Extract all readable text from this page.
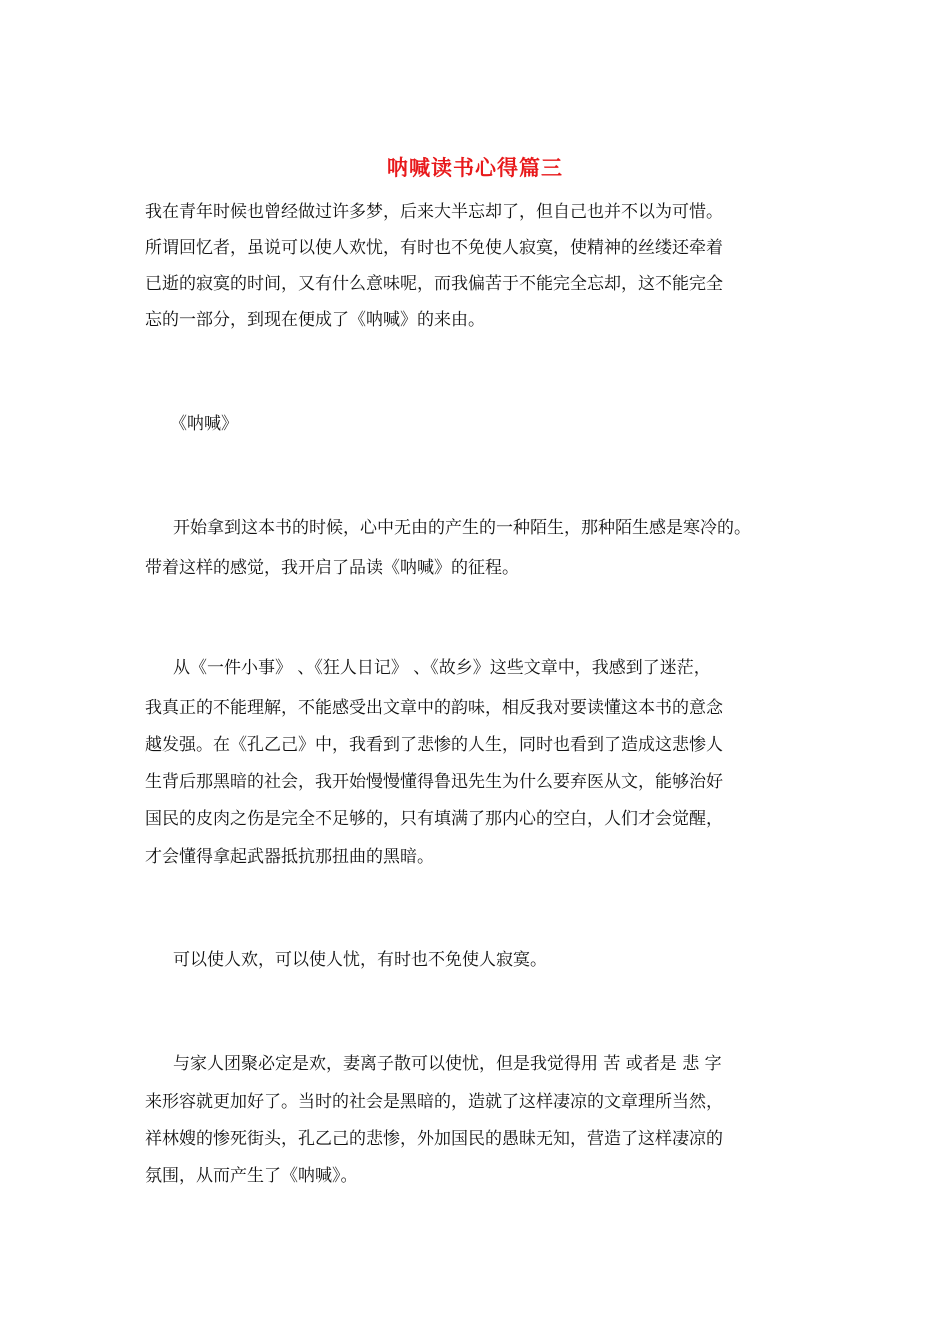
呐喊读书心得篇三
我在青年时候也曾经做过许多梦，后来大半忘却了，但自己也并不以为可惜。
所谓回忆者，虽说可以使人欢忧，有时也不免使人寂寞，使精神的丝缕还牵着
已逝的寂寞的时间，又有什么意味呢，而我偏苦于不能完全忘却，这不能完全
忘的一部分，到现在便成了《呐喊》的来由。
《呐喊》
开始拿到这本书的时候，心中无由的产生的一种陌生，那种陌生感是寒冷的。
带着这样的感觉，我开启了品读《呐喊》的征程。
从《一件小事》 、《狂人日记》 、《故乡》这些文章中，我感到了迷茫，
我真正的不能理解，不能感受出文章中的韵味，相反我对要读懂这本书的意念
越发强。在《孔乙己》中，我看到了悲惨的人生，同时也看到了造成这悲惨人
生背后那黑暗的社会，我开始慢慢懂得鲁迅先生为什么要弃医从文，能够治好
国民的皮肉之伤是完全不足够的，只有填满了那内心的空白，人们才会觉醒，
才会懂得拿起武器抵抗那扭曲的黑暗。
可以使人欢，可以使人忧，有时也不免使人寂寞。
与家人团聚必定是欢，妻离子散可以使忧，但是我觉得用 苦 或者是 悲 字
来形容就更加好了。当时的社会是黑暗的，造就了这样凄凉的文章理所当然，
祥林嫂的惨死街头，孔乙己的悲惨，外加国民的愚昧无知，营造了这样凄凉的
氛围，从而产生了《呐喊》。
